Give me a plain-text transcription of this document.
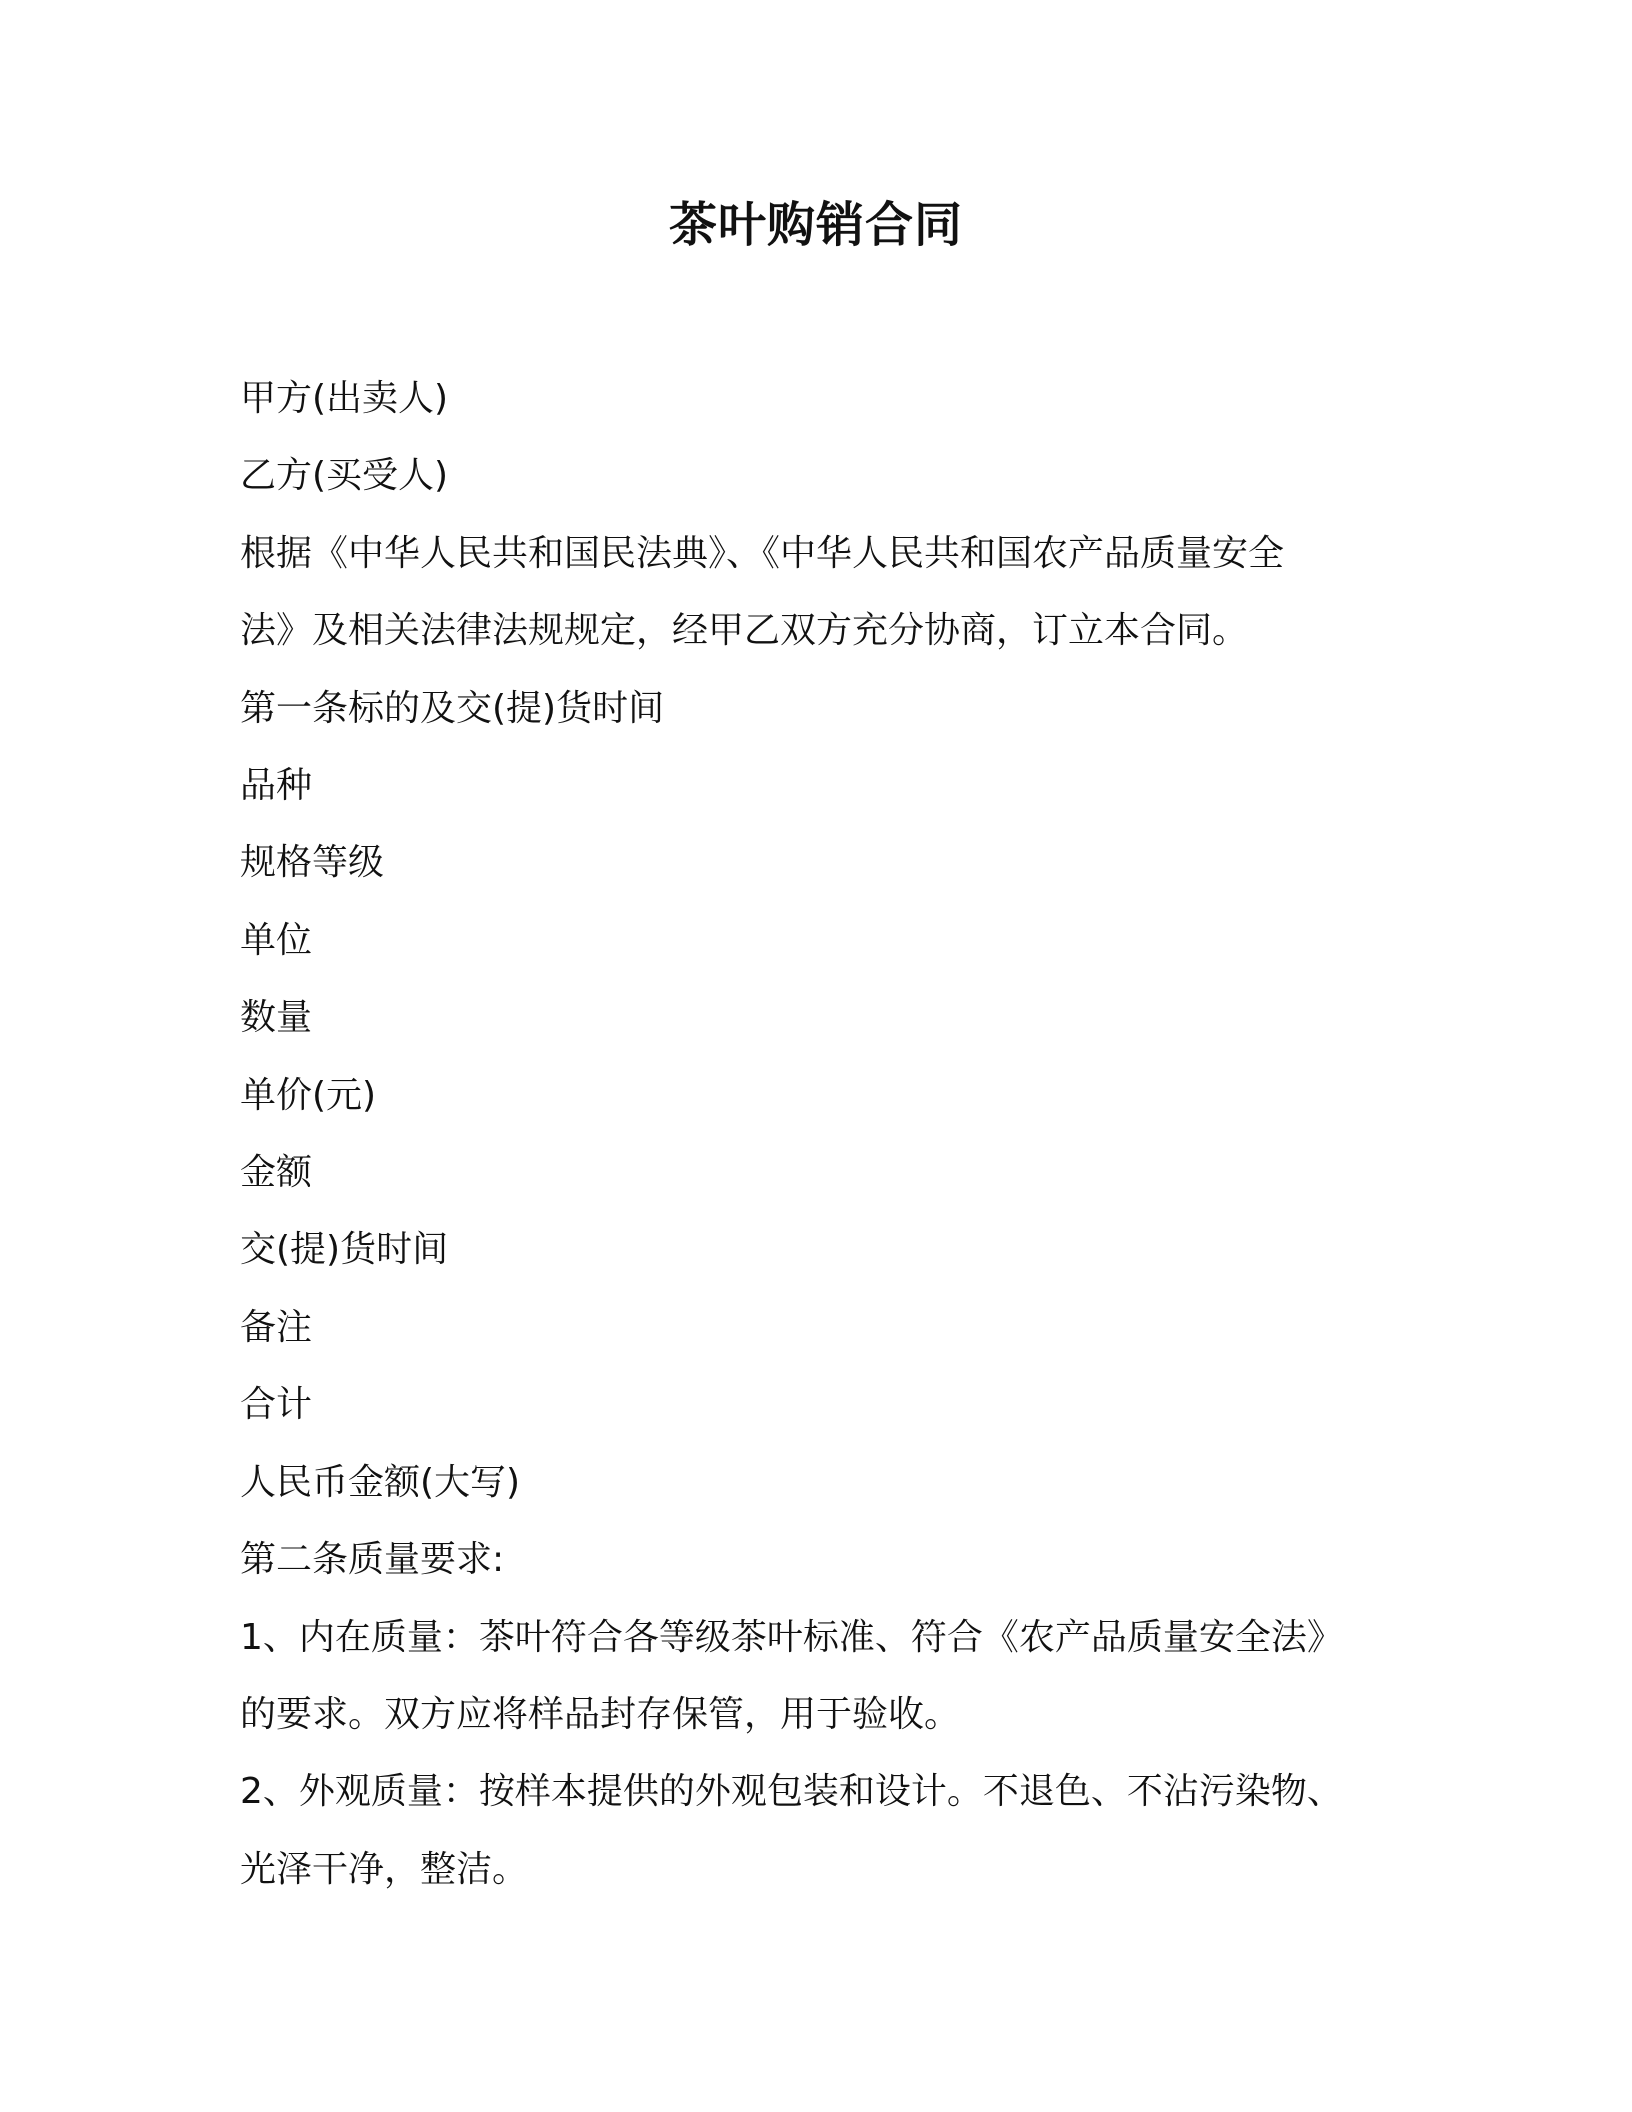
茶叶购销合同

甲方(出卖人)

乙方(买受人)

根据《中华人民共和国民法典》、《中华人民共和国农产品质量安全

法》及相关法律法规规定，经甲乙双方充分协商，订立本合同。

第一条标的及交(提)货时间

品种

规格等级

单位

数量

单价(元)

金额

交(提)货时间

备注

合计

人民币金额(大写)

第二条质量要求:

1、内在质量：茶叶符合各等级茶叶标准、符合《农产品质量安全法》

的要求。双方应将样品封存保管，用于验收。

2、外观质量：按样本提供的外观包装和设计。不退色、不沾污染物、

光泽干净，整洁。
